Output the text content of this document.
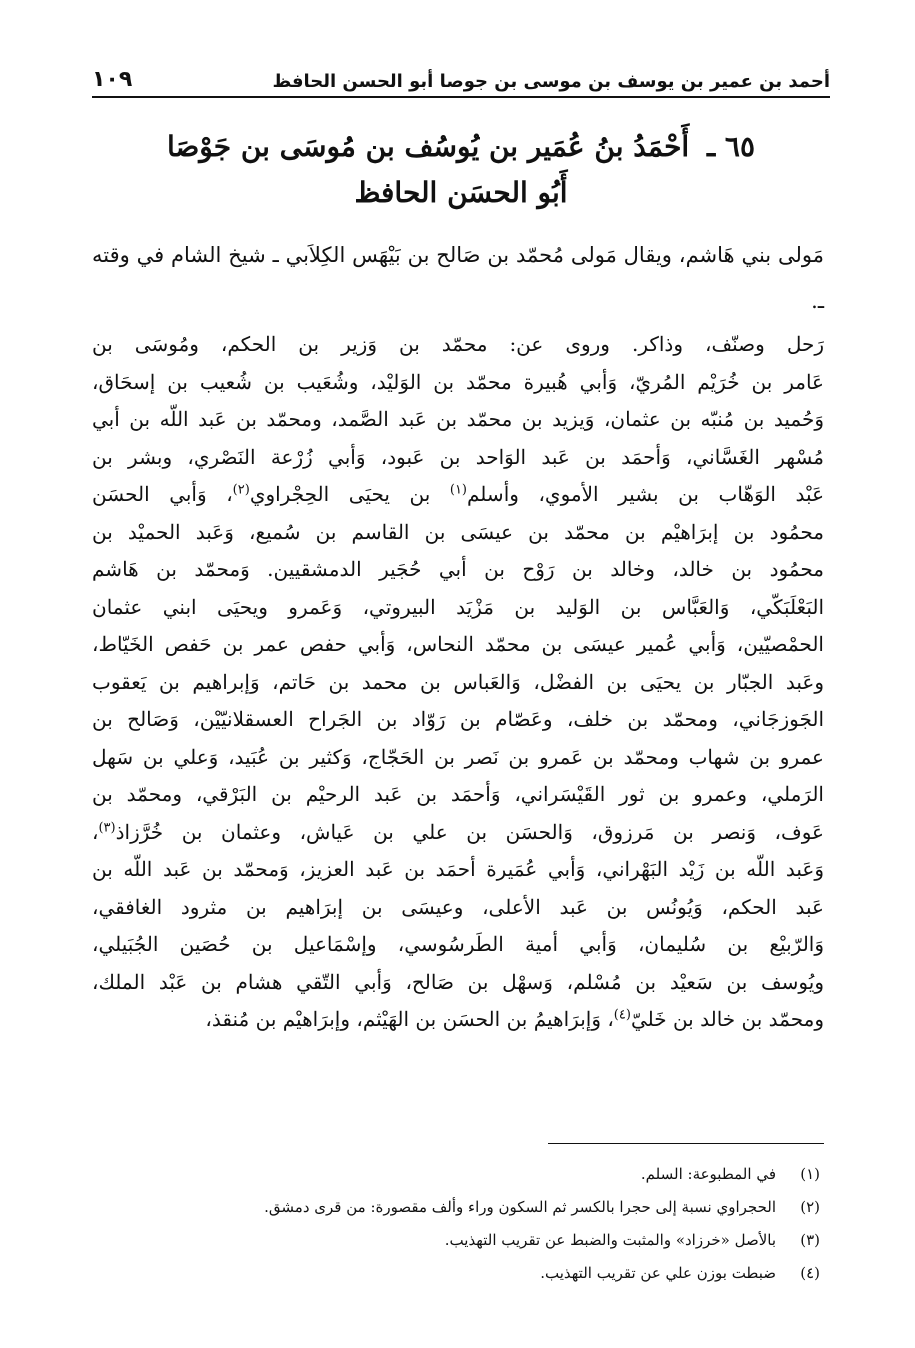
أحمد بن عمير بن يوسف بن موسى بن جوصا أبو الحسن الحافظ
١٠٩
٦٥ ـ أَحْمَدُ بنُ عُمَير بن يُوسُف بن مُوسَى بن جَوْصَا
أَبُو الحسَن الحافظ
مَولى بني هَاشم، ويقال مَولى مُحمّد بن صَالح بن بَيْهَس الكِلاَبي ـ شيخ الشام في وقته ـ.
رَحل وصنّف، وذاكر. وروى عن: محمّد بن وَزير بن الحكم، ومُوسَى بن
عَامر بن خُرَيْم المُريّ، وَأبي هُبيرة محمّد بن الوَليْد، وشُعَيب بن شُعيب بن إسحَاق،
وَحُميد بن مُنبّه بن عثمان، وَيزيد بن محمّد بن عَبد الصَّمد، ومحمّد بن عَبد اللّه بن أبي
مُسْهر الغَسَّاني، وَأحمَد بن عَبد الوَاحد بن عَبود، وَأبي زُرْعة النَصْري، وبشر بن
عَبْد الوَهّاب بن بشير الأموي، وأسلم$^{(١)}$ بن يحيَى الحِجْراوي$^{(٢)}$، وَأبي الحسَن
محمُود بن إبرَاهيْم بن محمّد بن عيسَى بن القاسم بن سُميع، وَعَبد الحميْد بن
محمُود بن خالد، وخالد بن رَوْح بن أبي حُجَير الدمشقيين. وَمحمّد بن هَاشم
البَعْلَبَكّي، وَالعَبَّاس بن الوَليد بن مَزْيَد البيروتي، وَعَمرو ويحيَى ابني عثمان
الحمْصيّين، وَأبي عُمير عيسَى بن محمّد النحاس، وَأبي حفص عمر بن حَفص الخَيّاط،
وعَبد الجبّار بن يحيَى بن الفضْل، وَالعَباس بن محمد بن حَاتم، وَإبراهيم بن يَعقوب
الجَوزجَاني، ومحمّد بن خلف، وعَصّام بن رَوّاد بن الجَراح العسقلانيّيْن، وَصَالح بن
عمرو بن شهاب ومحمّد بن عَمرو بن نَصر بن الحَجّاج، وَكثير بن عُبَيد، وَعلي بن سَهل
الرَملي، وعمرو بن ثور القَيْسَراني، وَأحمَد بن عَبد الرحيْم بن البَرْقي، ومحمّد بن
عَوف، وَنصر بن مَرزوق، وَالحسَن بن علي بن عَياش، وعثمان بن خُرَّزاذ$^{(٣)}$،
وَعَبد اللّه بن زَيْد البَهْراني، وَأبي عُمَيرة أحمَد بن عَبد العزيز، وَمحمّد بن عَبد اللّه بن
عَبد الحكم، وَيُونُس بن عَبد الأعلى، وعيسَى بن إبرَاهيم بن مثرود الغافقي،
وَالرّبيْع بن سُليمان، وَأبي أمية الطَرسُوسي، وإسْمَاعيل بن حُصَين الجُبَيلي،
ويُوسف بن سَعيْد بن مُسْلم، وَسهْل بن صَالح، وَأبي التّقي هشام بن عَبْد الملك،
ومحمّد بن خالد بن خَليّ$^{(٤)}$، وَإبرَاهيمُ بن الحسَن بن الهَيْثم، وإبرَاهيْم بن مُنقذ،
(١)
في المطبوعة: السلم.
(٢)
الحجراوي نسبة إلى حجرا بالكسر ثم السكون وراء وألف مقصورة: من قرى دمشق.
(٣)
بالأصل «خرزاد» والمثبت والضبط عن تقريب التهذيب.
(٤)
ضبطت بوزن علي عن تقريب التهذيب.
